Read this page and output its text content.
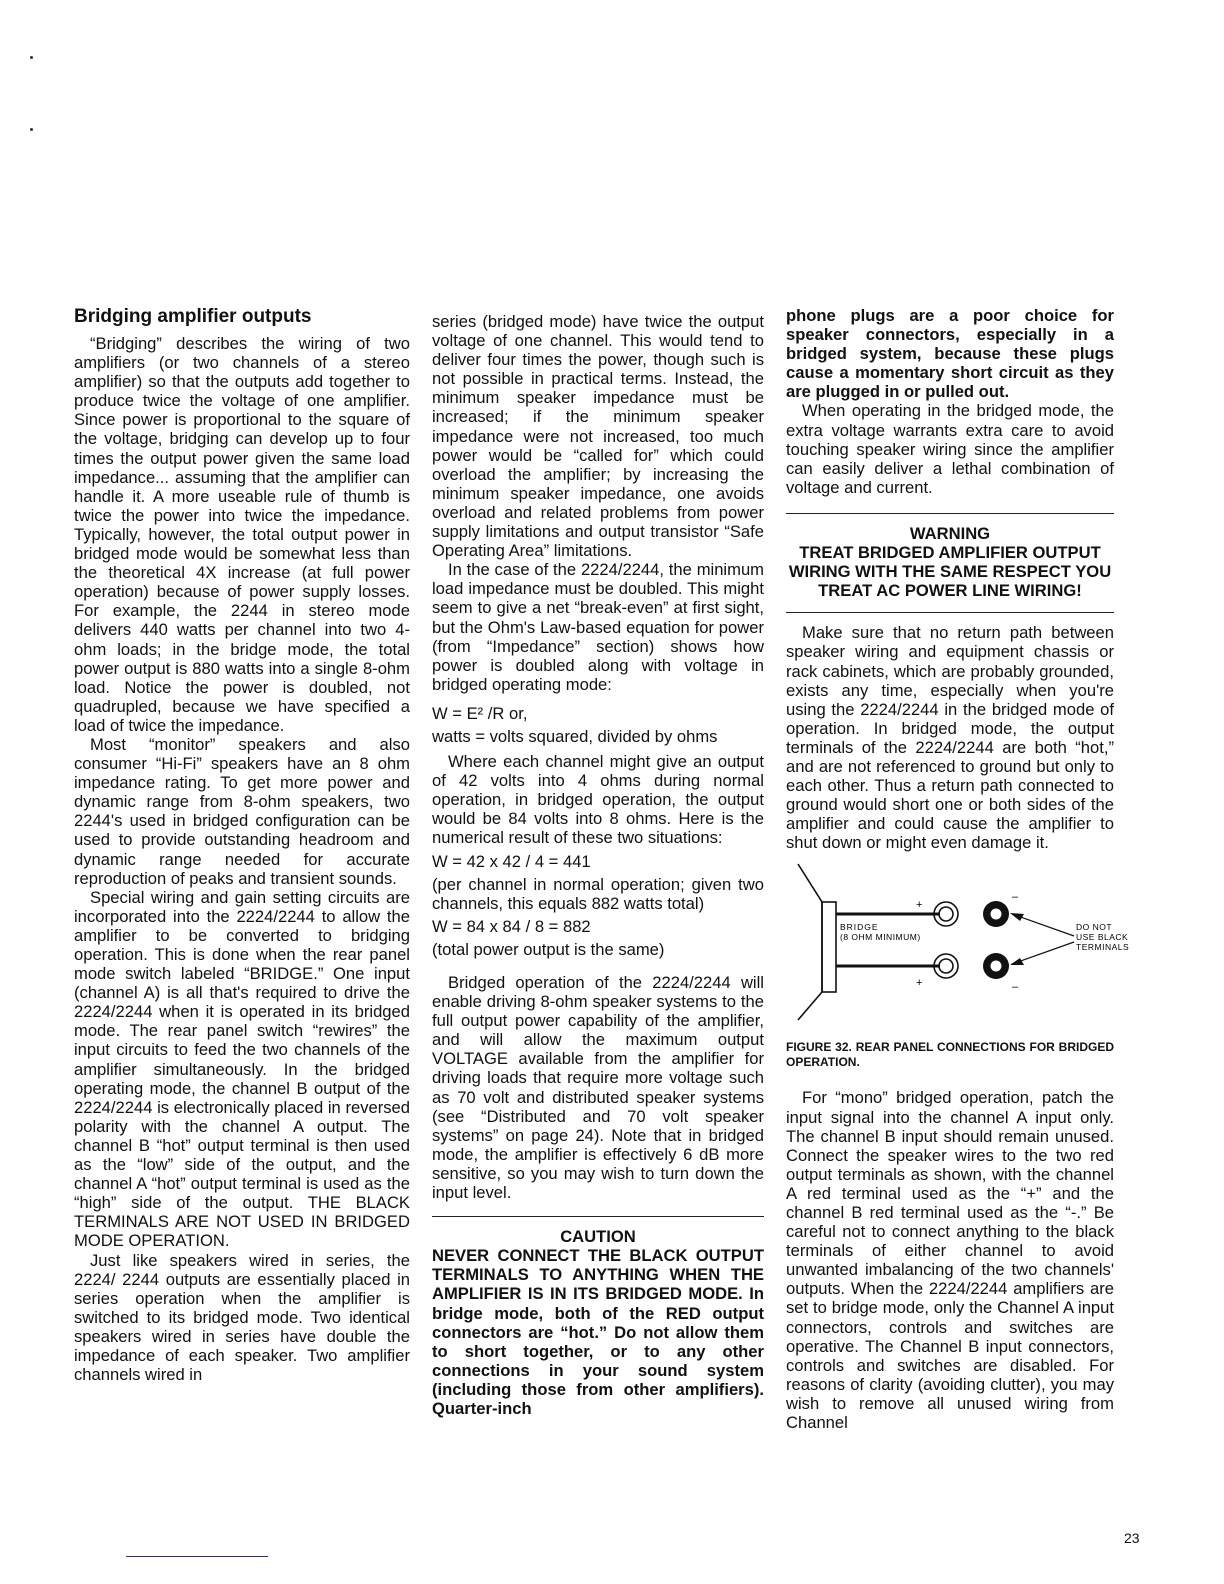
Bridging amplifier outputs

“Bridging” describes the wiring of two amplifiers (or two channels of a stereo amplifier) so that the outputs add together to produce twice the voltage of one amplifier. Since power is proportional to the square of the voltage, bridging can develop up to four times the output power given the same load impedance... assuming that the amplifier can handle it. A more useable rule of thumb is twice the power into twice the impedance. Typically, however, the total output power in bridged mode would be somewhat less than the theoretical 4X increase (at full power operation) because of power supply losses. For example, the 2244 in stereo mode delivers 440 watts per channel into two 4-ohm loads; in the bridge mode, the total power output is 880 watts into a single 8-ohm load. Notice the power is doubled, not quadrupled, because we have specified a load of twice the impedance.

Most “monitor” speakers and also consumer “Hi-Fi” speakers have an 8 ohm impedance rating. To get more power and dynamic range from 8-ohm speakers, two 2244's used in bridged configuration can be used to provide outstanding headroom and dynamic range needed for accurate reproduction of peaks and transient sounds.

Special wiring and gain setting circuits are incorporated into the 2224/2244 to allow the amplifier to be converted to bridging operation. This is done when the rear panel mode switch labeled “BRIDGE.” One input (channel A) is all that's required to drive the 2224/2244 when it is operated in its bridged mode. The rear panel switch “rewires” the input circuits to feed the two channels of the amplifier simultaneously. In the bridged operating mode, the channel B output of the 2224/2244 is electronically placed in reversed polarity with the channel A output. The channel B “hot” output terminal is then used as the “low” side of the output, and the channel A “hot” output terminal is used as the “high” side of the output. THE BLACK TERMINALS ARE NOT USED IN BRIDGED MODE OPERATION.

Just like speakers wired in series, the 2224/ 2244 outputs are essentially placed in series operation when the amplifier is switched to its bridged mode. Two identical speakers wired in series have double the impedance of each speaker. Two amplifier channels wired in

series (bridged mode) have twice the output voltage of one channel. This would tend to deliver four times the power, though such is not possible in practical terms. Instead, the minimum speaker impedance must be increased; if the minimum speaker impedance were not increased, too much power would be “called for” which could overload the amplifier; by increasing the minimum speaker impedance, one avoids overload and related problems from power supply limitations and output transistor “Safe Operating Area” limitations.

In the case of the 2224/2244, the minimum load impedance must be doubled. This might seem to give a net “break-even” at first sight, but the Ohm's Law-based equation for power (from “Impedance” section) shows how power is doubled along with voltage in bridged operating mode:

W = E² /R or,

watts = volts squared, divided by ohms

Where each channel might give an output of 42 volts into 4 ohms during normal operation, in bridged operation, the output would be 84 volts into 8 ohms. Here is the numerical result of these two situations:

W = 42 x 42 / 4 = 441

(per channel in normal operation; given two channels, this equals 882 watts total)

W = 84 x 84 / 8 = 882

(total power output is the same)

Bridged operation of the 2224/2244 will enable driving 8-ohm speaker systems to the full output power capability of the amplifier, and will allow the maximum output VOLTAGE available from the amplifier for driving loads that require more voltage such as 70 volt and distributed speaker systems (see “Distributed and 70 volt speaker systems” on page 24). Note that in bridged mode, the amplifier is effectively 6 dB more sensitive, so you may wish to turn down the input level.

CAUTION

NEVER CONNECT THE BLACK OUTPUT TERMINALS TO ANYTHING WHEN THE AMPLIFIER IS IN ITS BRIDGED MODE. In bridge mode, both of the RED output connectors are “hot.” Do not allow them to short together, or to any other connections in your sound system (including those from other amplifiers). Quarter-inch

phone plugs are a poor choice for speaker connectors, especially in a bridged system, because these plugs cause a momentary short circuit as they are plugged in or pulled out.

When operating in the bridged mode, the extra voltage warrants extra care to avoid touching speaker wiring since the amplifier can easily deliver a lethal combination of voltage and current.

WARNING

TREAT BRIDGED AMPLIFIER OUTPUT WIRING WITH THE SAME RESPECT YOU TREAT AC POWER LINE WIRING!

Make sure that no return path between speaker wiring and equipment chassis or rack cabinets, which are probably grounded, exists any time, especially when you're using the 2224/2244 in the bridged mode of operation. In bridged mode, the output terminals of the 2224/2244 are both “hot,” and are not referenced to ground but only to each other. Thus a return path connected to ground would short one or both sides of the amplifier and could cause the amplifier to shut down or might even damage it.

BRIDGE
(8 OHM MINIMUM)
+
+
–
–
DO NOT
USE BLACK
TERMINALS

FIGURE 32. REAR PANEL CONNECTIONS FOR BRIDGED OPERATION.

For “mono” bridged operation, patch the input signal into the channel A input only. The channel B input should remain unused. Connect the speaker wires to the two red output terminals as shown, with the channel A red terminal used as the “+” and the channel B red terminal used as the “-.” Be careful not to connect anything to the black terminals of either channel to avoid unwanted imbalancing of the two channels' outputs. When the 2224/2244 amplifiers are set to bridge mode, only the Channel A input connectors, controls and switches are operative. The Channel B input connectors, controls and switches are disabled. For reasons of clarity (avoiding clutter), you may wish to remove all unused wiring from Channel

23
